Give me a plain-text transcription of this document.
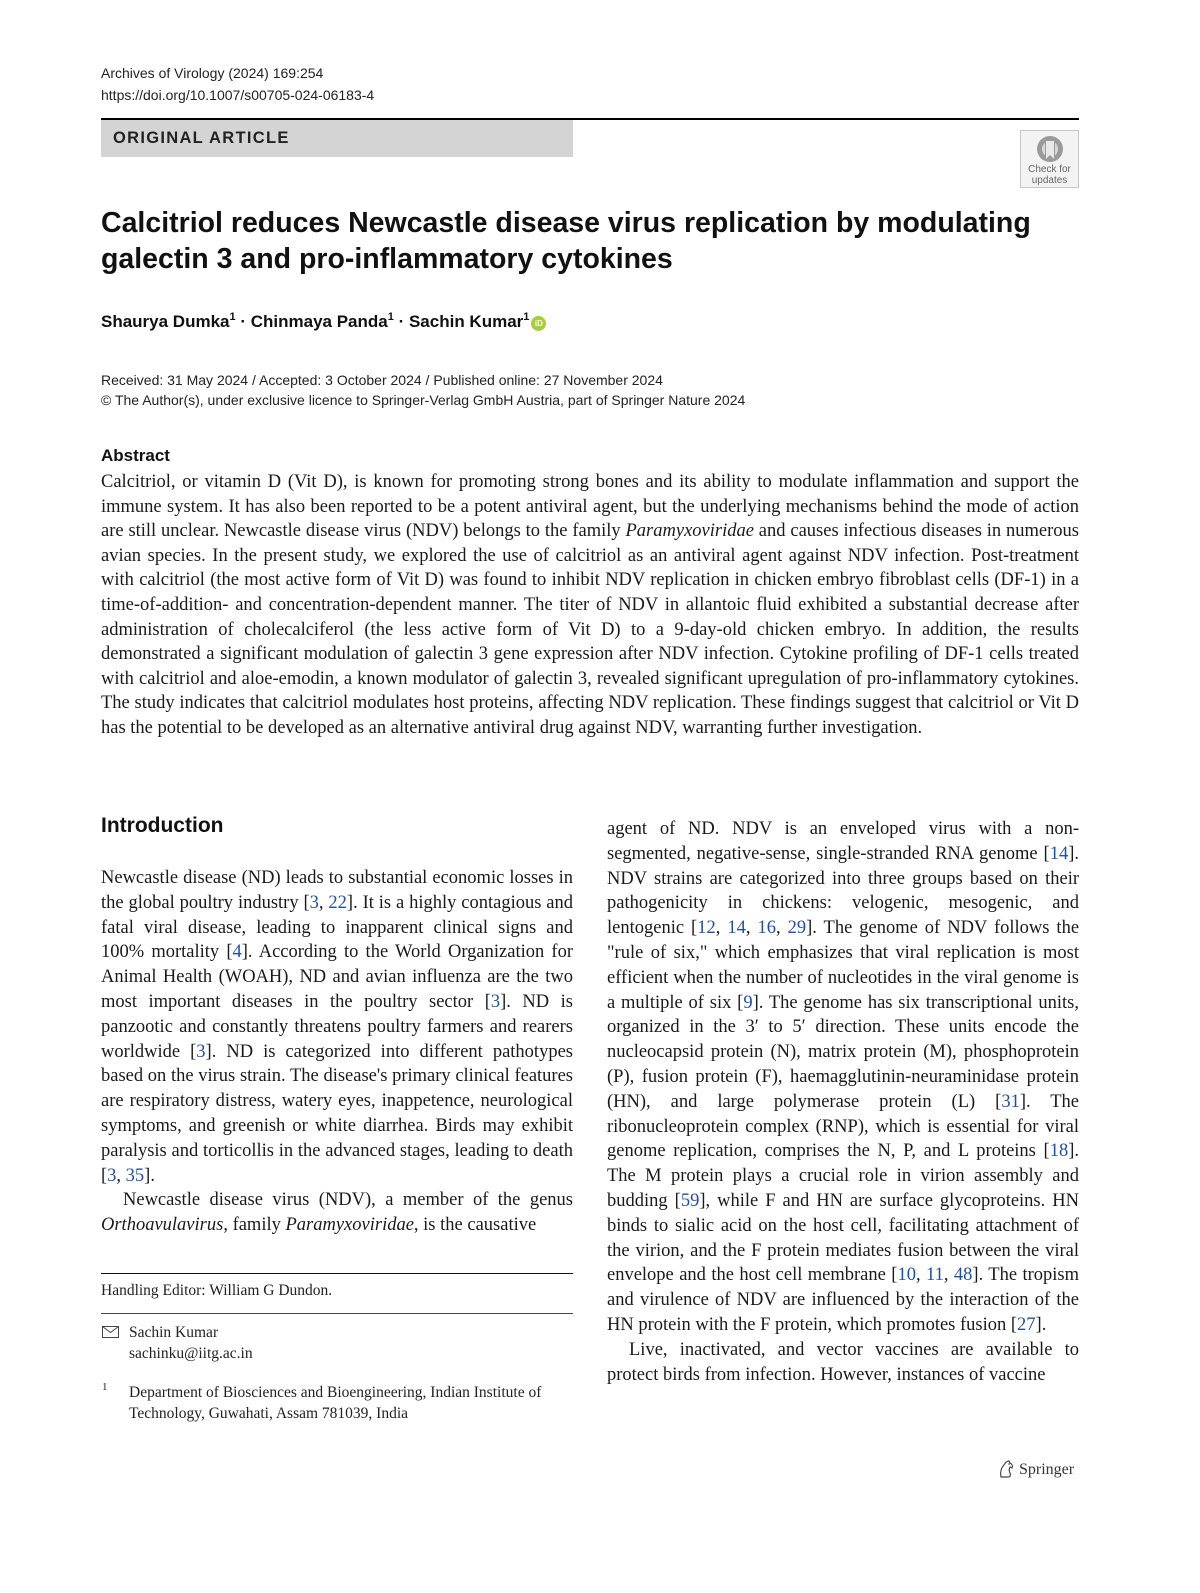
Archives of Virology (2024) 169:254
https://doi.org/10.1007/s00705-024-06183-4
ORIGINAL ARTICLE
Check for updates
Calcitriol reduces Newcastle disease virus replication by modulating galectin 3 and pro-inflammatory cytokines
Shaurya Dumka$^1$ · Chinmaya Panda$^1$ · Sachin Kumar$^1$iD
Received: 31 May 2024 / Accepted: 3 October 2024 / Published online: 27 November 2024
© The Author(s), under exclusive licence to Springer-Verlag GmbH Austria, part of Springer Nature 2024
Abstract
Calcitriol, or vitamin D (Vit D), is known for promoting strong bones and its ability to modulate inflammation and support the immune system. It has also been reported to be a potent antiviral agent, but the underlying mechanisms behind the mode of action are still unclear. Newcastle disease virus (NDV) belongs to the family Paramyxoviridae and causes infectious diseases in numerous avian species. In the present study, we explored the use of calcitriol as an antiviral agent against NDV infection. Post-treatment with calcitriol (the most active form of Vit D) was found to inhibit NDV replication in chicken embryo fibroblast cells (DF-1) in a time-of-addition- and concentration-dependent manner. The titer of NDV in allantoic fluid exhibited a substantial decrease after administration of cholecalciferol (the less active form of Vit D) to a 9-day-old chicken embryo. In addition, the results demonstrated a significant modulation of galectin 3 gene expression after NDV infection. Cytokine profiling of DF-1 cells treated with calcitriol and aloe-emodin, a known modulator of galectin 3, revealed significant upregulation of pro-inflammatory cytokines. The study indicates that calcitriol modulates host proteins, affecting NDV replication. These findings suggest that calcitriol or Vit D has the potential to be developed as an alternative antiviral drug against NDV, warranting further investigation.
Introduction

Newcastle disease (ND) leads to substantial economic losses in the global poultry industry [3, 22]. It is a highly contagious and fatal viral disease, leading to inapparent clinical signs and 100% mortality [4]. According to the World Organization for Animal Health (WOAH), ND and avian influenza are the two most important diseases in the poultry sector [3]. ND is panzootic and constantly threatens poultry farmers and rearers worldwide [3]. ND is categorized into different pathotypes based on the virus strain. The disease's primary clinical features are respiratory distress, watery eyes, inappetence, neurological symptoms, and greenish or white diarrhea. Birds may exhibit paralysis and torticollis in the advanced stages, leading to death [3, 35].

Newcastle disease virus (NDV), a member of the genus Orthoavulavirus, family Paramyxoviridae, is the causative

agent of ND. NDV is an enveloped virus with a non-segmented, negative-sense, single-stranded RNA genome [14]. NDV strains are categorized into three groups based on their pathogenicity in chickens: velogenic, mesogenic, and lentogenic [12, 14, 16, 29]. The genome of NDV follows the "rule of six," which emphasizes that viral replication is most efficient when the number of nucleotides in the viral genome is a multiple of six [9]. The genome has six transcriptional units, organized in the 3′ to 5′ direction. These units encode the nucleocapsid protein (N), matrix protein (M), phosphoprotein (P), fusion protein (F), haemagglutinin-neuraminidase protein (HN), and large polymerase protein (L) [31]. The ribonucleoprotein complex (RNP), which is essential for viral genome replication, comprises the N, P, and L proteins [18]. The M protein plays a crucial role in virion assembly and budding [59], while F and HN are surface glycoproteins. HN binds to sialic acid on the host cell, facilitating attachment of the virion, and the F protein mediates fusion between the viral envelope and the host cell membrane [10, 11, 48]. The tropism and virulence of NDV are influenced by the interaction of the HN protein with the F protein, which promotes fusion [27].

Live, inactivated, and vector vaccines are available to protect birds from infection. However, instances of vaccine

Handling Editor: William G Dundon.
Sachin Kumar
sachinku@iitg.ac.in
1 Department of Biosciences and Bioengineering, Indian Institute of Technology, Guwahati, Assam 781039, India
Springer
